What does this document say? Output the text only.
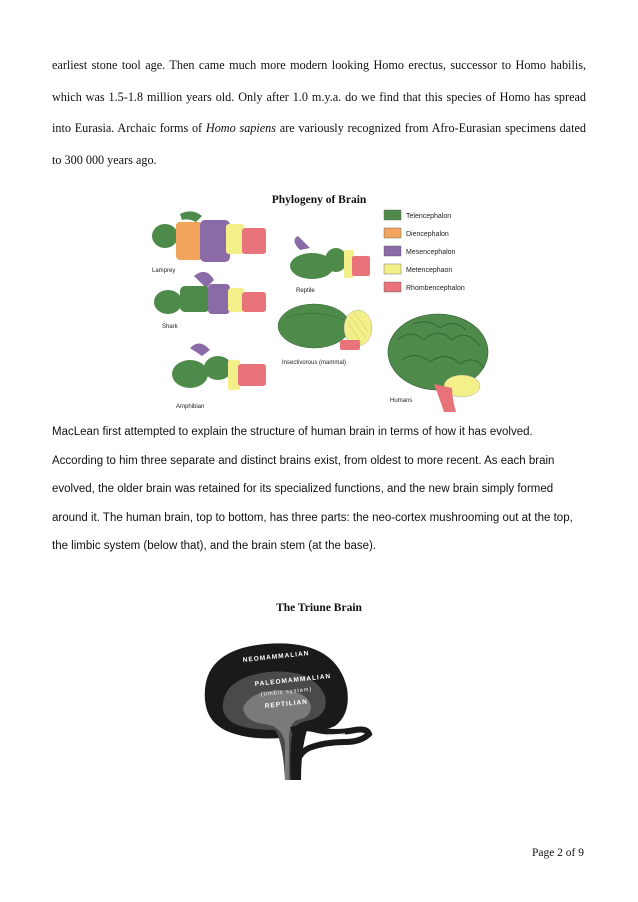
earliest stone tool age. Then came much more modern looking Homo erectus, successor to Homo habilis, which was 1.5-1.8 million years old. Only after 1.0 m.y.a. do we find that this species of Homo has spread into Eurasia. Archaic forms of Homo sapiens are variously recognized from Afro-Eurasian specimens dated to 300 000 years ago.

Phylogeny of Brain

Telencephalon
Diencephalon
Mesencephalon
Metencephaon
Rhombencephalon
Lamprey
Reptile
Shark
Insectivorous (mammal)
Amphibian
Humans

MacLean first attempted to explain the structure of human brain in terms of how it has evolved. According to him three separate and distinct brains exist, from oldest to more recent. As each brain evolved, the older brain was retained for its specialized functions, and the new brain simply formed around it. The human brain, top to bottom, has three parts: the neo-cortex mushrooming out at the top, the limbic system (below that), and the brain stem (at the base).

The Triune Brain

NEOMAMMALIAN
PALEOMAMMALIAN
(limbic system)
REPTILIAN

Page 2 of 9
